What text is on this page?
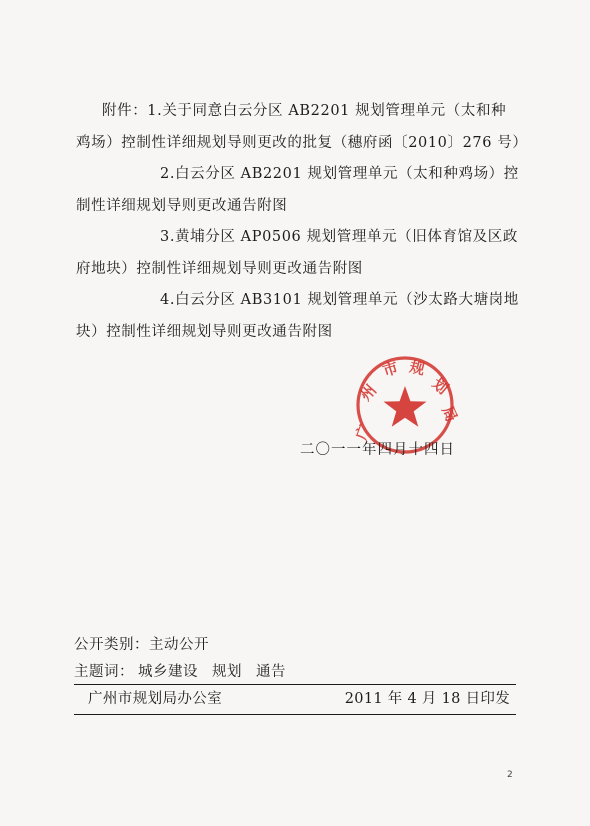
附件：1.关于同意白云分区 AB2201 规划管理单元（太和种
鸡场）控制性详细规划导则更改的批复（穗府函〔2010〕276 号）
2.白云分区 AB2201 规划管理单元（太和种鸡场）控
制性详细规划导则更改通告附图
3.黄埔分区 AP0506 规划管理单元（旧体育馆及区政
府地块）控制性详细规划导则更改通告附图
4.白云分区 AB3101 规划管理单元（沙太路大塘岗地
块）控制性详细规划导则更改通告附图
广
州
市 规
划
局
二〇一一年四月十四日
公开类别：主动公开
主题词： 城乡建设 规划 通告
广州市规划局办公室	2011 年 4 月 18 日印发
2
